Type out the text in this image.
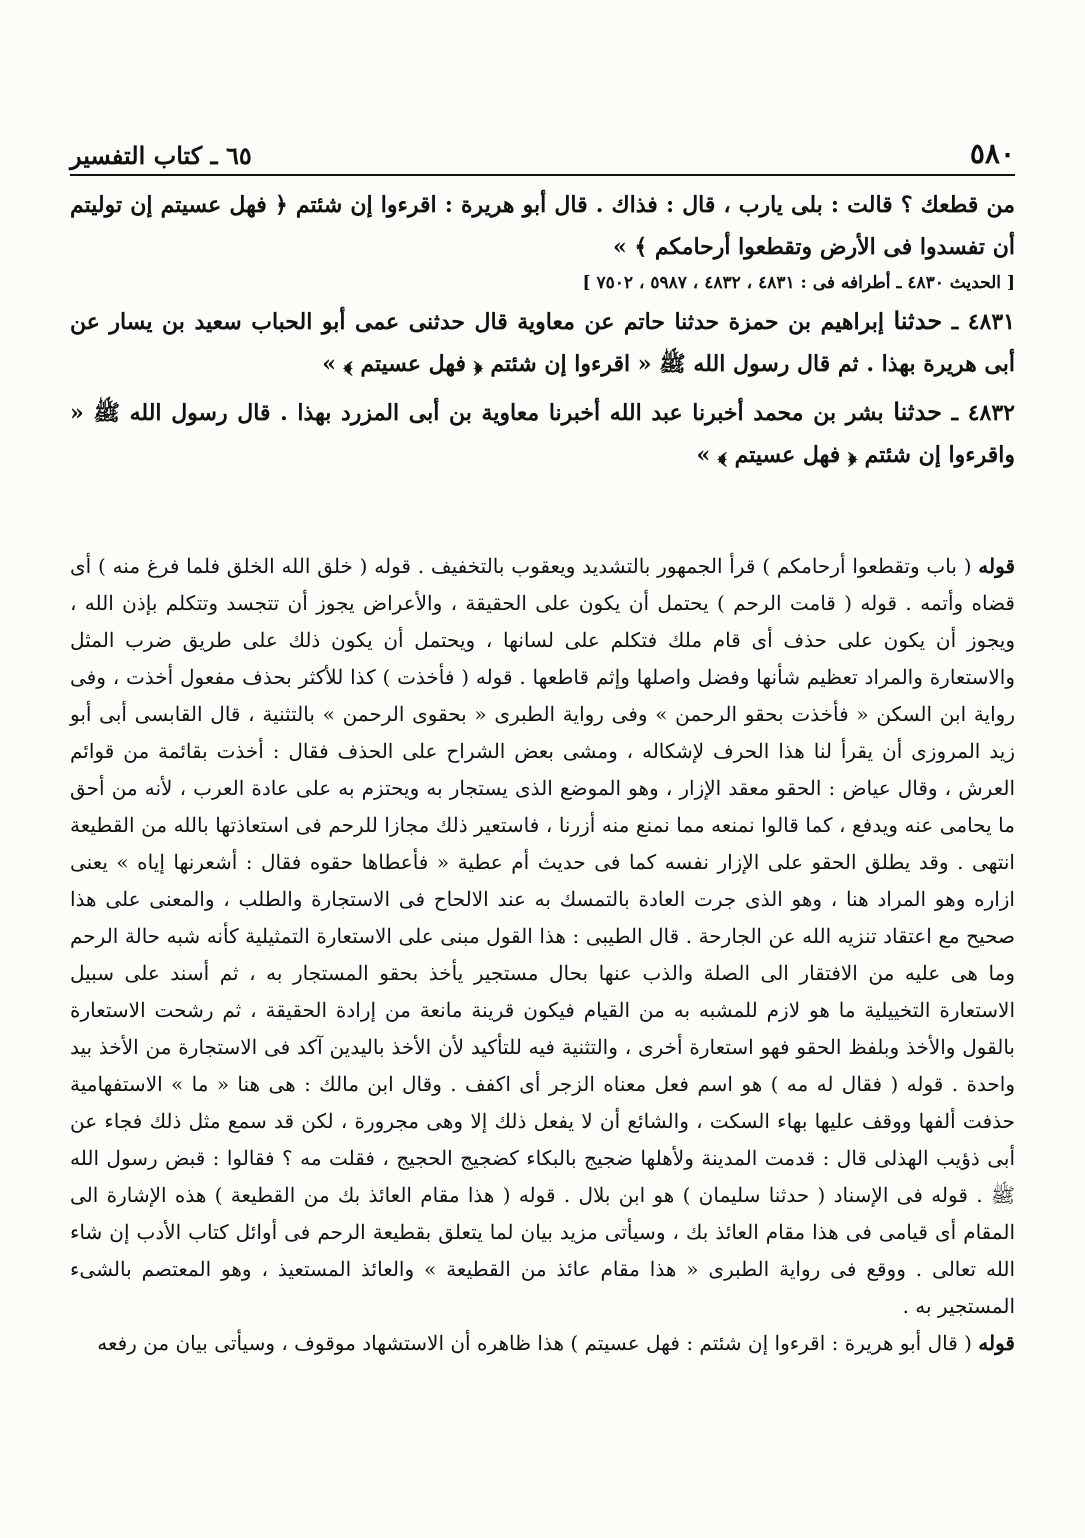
٦٥ ـ كتاب التفسير	٥٨٠

من قطعك ؟ قالت : بلى يارب ، قال : فذاك . قال أبو هريرة : اقرءوا إن شئتم ﴿ فهل عسيتم إن توليتم أن تفسدوا فى الأرض وتقطعوا أرحامكم ﴾ »

[ الحديث ٤٨٣٠ ـ أطرافه فى : ٤٨٣١ ، ٤٨٣٢ ، ٥٩٨٧ ، ٧٥٠٢ ]

٤٨٣١ ـ حدثنا إبراهيم بن حمزة حدثنا حاتم عن معاوية قال حدثنى عمى أبو الحباب سعيد بن يسار عن أبى هريرة بهذا . ثم قال رسول الله ﷺ « اقرءوا إن شئتم ﴿ فهل عسيتم ﴾ »

٤٨٣٢ ـ حدثنا بشر بن محمد أخبرنا عبد الله أخبرنا معاوية بن أبى المزرد بهذا . قال رسول الله ﷺ « واقرءوا إن شئتم ﴿ فهل عسيتم ﴾ »

قوله ( باب وتقطعوا أرحامكم ) قرأ الجمهور بالتشديد ويعقوب بالتخفيف . قوله ( خلق الله الخلق فلما فرغ منه ) أى قضاه وأتمه . قوله ( قامت الرحم ) يحتمل أن يكون على الحقيقة ، والأعراض يجوز أن تتجسد وتتكلم بإذن الله ، ويجوز أن يكون على حذف أى قام ملك فتكلم على لسانها ، ويحتمل أن يكون ذلك على طريق ضرب المثل والاستعارة والمراد تعظيم شأنها وفضل واصلها وإثم قاطعها . قوله ( فأخذت ) كذا للأكثر بحذف مفعول أخذت ، وفى رواية ابن السكن « فأخذت بحقو الرحمن » وفى رواية الطبرى « بحقوى الرحمن » بالتثنية ، قال القابسى أبى أبو زيد المروزى أن يقرأ لنا هذا الحرف لإشكاله ، ومشى بعض الشراح على الحذف فقال : أخذت بقائمة من قوائم العرش ، وقال عياض : الحقو معقد الإزار ، وهو الموضع الذى يستجار به ويحتزم به على عادة العرب ، لأنه من أحق ما يحامى عنه ويدفع ، كما قالوا نمنعه مما نمنع منه أزرنا ، فاستعير ذلك مجازا للرحم فى استعاذتها بالله من القطيعة انتهى . وقد يطلق الحقو على الإزار نفسه كما فى حديث أم عطية « فأعطاها حقوه فقال : أشعرنها إياه » يعنى ازاره وهو المراد هنا ، وهو الذى جرت العادة بالتمسك به عند الالحاح فى الاستجارة والطلب ، والمعنى على هذا صحيح مع اعتقاد تنزيه الله عن الجارحة . قال الطيبى : هذا القول مبنى على الاستعارة التمثيلية كأنه شبه حالة الرحم وما هى عليه من الافتقار الى الصلة والذب عنها بحال مستجير يأخذ بحقو المستجار به ، ثم أسند على سبيل الاستعارة التخييلية ما هو لازم للمشبه به من القيام فيكون قرينة مانعة من إرادة الحقيقة ، ثم رشحت الاستعارة بالقول والأخذ وبلفظ الحقو فهو استعارة أخرى ، والتثنية فيه للتأكيد لأن الأخذ باليدين آكد فى الاستجارة من الأخذ بيد واحدة . قوله ( فقال له مه ) هو اسم فعل معناه الزجر أى اكفف . وقال ابن مالك : هى هنا « ما » الاستفهامية حذفت ألفها ووقف عليها بهاء السكت ، والشائع أن لا يفعل ذلك إلا وهى مجرورة ، لكن قد سمع مثل ذلك فجاء عن أبى ذؤيب الهذلى قال : قدمت المدينة ولأهلها ضجيج بالبكاء كضجيج الحجيج ، فقلت مه ؟ فقالوا : قبض رسول الله ﷺ . قوله فى الإسناد ( حدثنا سليمان ) هو ابن بلال . قوله ( هذا مقام العائذ بك من القطيعة ) هذه الإشارة الى المقام أى قيامى فى هذا مقام العائذ بك ، وسيأتى مزيد بيان لما يتعلق بقطيعة الرحم فى أوائل كتاب الأدب إن شاء الله تعالى . ووقع فى رواية الطبرى « هذا مقام عائذ من القطيعة » والعائذ المستعيذ ، وهو المعتصم بالشىء المستجير به .

قوله ( قال أبو هريرة : اقرءوا إن شئتم : فهل عسيتم ) هذا ظاهره أن الاستشهاد موقوف ، وسيأتى بيان من رفعه
